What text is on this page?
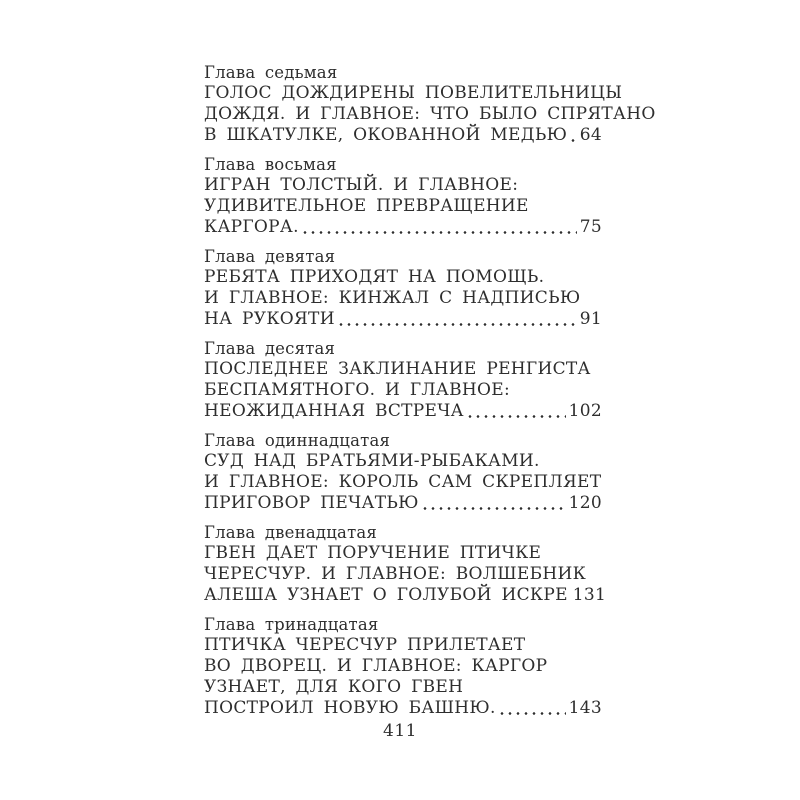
Глава седьмая
ГОЛОС ДОЖДИРЕНЫ ПОВЕЛИТЕЛЬНИЦЫ
ДОЖДЯ. И ГЛАВНОЕ: ЧТО БЫЛО СПРЯТАНО
В ШКАТУЛКЕ, ОКОВАННОЙ МЕДЬЮ 64
Глава восьмая
ИГРАН ТОЛСТЫЙ. И ГЛАВНОЕ:
УДИВИТЕЛЬНОЕ ПРЕВРАЩЕНИЕ
КАРГОРА.	75
Глава девятая
РЕБЯТА ПРИХОДЯТ НА ПОМОЩЬ.
И ГЛАВНОЕ: КИНЖАЛ С НАДПИСЬЮ
НА РУКОЯТИ	91
Глава десятая
ПОСЛЕДНЕЕ ЗАКЛИНАНИЕ РЕНГИСТА
БЕСПАМЯТНОГО. И ГЛАВНОЕ:
НЕОЖИДАННАЯ ВСТРЕЧА	102
Глава одиннадцатая
СУД НАД БРАТЬЯМИ-РЫБАКАМИ.
И ГЛАВНОЕ: КОРОЛЬ САМ СКРЕПЛЯЕТ
ПРИГОВОР ПЕЧАТЬЮ	120
Глава двенадцатая
ГВЕН ДАЕТ ПОРУЧЕНИЕ ПТИЧКЕ
ЧЕРЕСЧУР. И ГЛАВНОЕ: ВОЛШЕБНИК
АЛЕША УЗНАЕТ О ГОЛУБОЙ ИСКРЕ 131
Глава тринадцатая
ПТИЧКА ЧЕРЕСЧУР ПРИЛЕТАЕТ
ВО ДВОРЕЦ. И ГЛАВНОЕ: КАРГОР
УЗНАЕТ, ДЛЯ КОГО ГВЕН
ПОСТРОИЛ НОВУЮ БАШНЮ.	143
411
